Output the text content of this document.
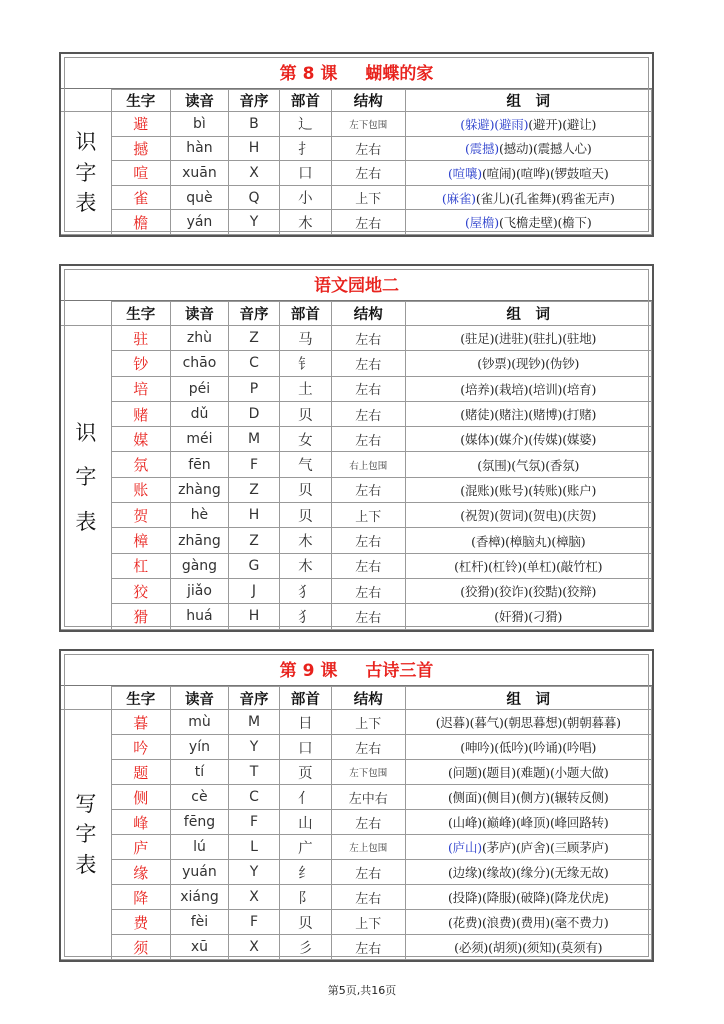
第 8 课 蝴蝶的家
	生字	读音	音序	部首	结构	组　词

识
字
表	避	bì	B	辶	左下包围	(躲避)(避雨)(避开)(避让)
	撼	hàn	H	扌	左右	(震撼)(撼动)(震撼人心)
	喧	xuān	X	口	左右	(喧嚷)(喧闹)(喧哗)(锣鼓喧天)
	雀	què	Q	小	上下	(麻雀)(雀儿)(孔雀舞)(鸦雀无声)
	檐	yán	Y	木	左右	(屋檐)(飞檐走壁)(檐下)
语文园地二
	生字	读音	音序	部首	结构	组　词

识
字
表	驻	zhù	Z	马	左右	(驻足)(进驻)(驻扎)(驻地)
	钞	chāo	C	钅	左右	(钞票)(现钞)(伪钞)
	培	péi	P	土	左右	(培养)(栽培)(培训)(培育)
	赌	dǔ	D	贝	左右	(赌徒)(赌注)(赌博)(打赌)
	媒	méi	M	女	左右	(媒体)(媒介)(传媒)(媒婆)
	氛	fēn	F	气	右上包围	(氛围)(气氛)(香氛)
	账	zhàng	Z	贝	左右	(混账)(账号)(转账)(账户)
	贺	hè	H	贝	上下	(祝贺)(贺词)(贺电)(庆贺)
	樟	zhāng	Z	木	左右	(香樟)(樟脑丸)(樟脑)
	杠	gàng	G	木	左右	(杠杆)(杠铃)(单杠)(敲竹杠)
	狡	jiǎo	J	犭	左右	(狡猾)(狡诈)(狡黠)(狡辩)
	猾	huá	H	犭	左右	(奸猾)(刁猾)
第 9 课 古诗三首
	生字	读音	音序	部首	结构	组　词

写
字
表	暮	mù	M	日	上下	(迟暮)(暮气)(朝思暮想)(朝朝暮暮)
	吟	yín	Y	口	左右	(呻吟)(低吟)(吟诵)(吟唱)
	题	tí	T	页	左下包围	(问题)(题目)(难题)(小题大做)
	侧	cè	C	亻	左中右	(侧面)(侧目)(侧方)(辗转反侧)
	峰	fēng	F	山	左右	(山峰)(巅峰)(峰顶)(峰回路转)
	庐	lú	L	广	左上包围	(庐山)(茅庐)(庐舍)(三顾茅庐)
	缘	yuán	Y	纟	左右	(边缘)(缘故)(缘分)(无缘无故)
	降	xiáng	X	阝	左右	(投降)(降服)(破降)(降龙伏虎)
	费	fèi	F	贝	上下	(花费)(浪费)(费用)(毫不费力)
	须	xū	X	彡	左右	(必须)(胡须)(须知)(莫须有)
第5页,共16页
